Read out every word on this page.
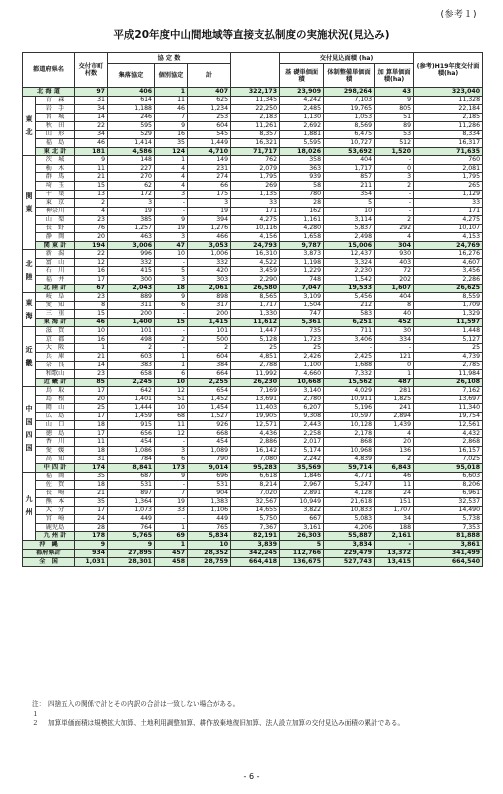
(参考１)
平成20年度中山間地域等直接支払制度の実施状況(見込み)
都道府県名		交付市町村数	協 定 数				交付見込面積 (ha)			(参考)H19年度交付面積(ha)
			集落協定	個別協定	計		基 礎単価面積	体制整備単価面積	加 算単価面積(ha)	
北 海 道		97	406	1	407	322,173	23,909	298,264	43	323,040

東
北	青　森	31	614	11	625	11,345	4,242	7,103	9	11,328
	岩　手	34	1,188	46	1,234	22,250	2,485	19,765	805	22,184
	宮　城	14	246	7	253	2,183	1,130	1,053	51	2,185
	秋　田	22	595	9	604	11,261	2,692	8,569	89	11,286
	山　形	34	529	16	545	8,357	1,881	6,475	53	8,334
	福　島	46	1,414	35	1,449	16,321	5,595	10,727	512	16,317
	東 北 計	181	4,586	124	4,710	71,717	18,026	53,692	1,520	71,635

関
東	茨　城	9	148	1	149	762	358	404	-	760
	栃　木	11	227	4	231	2,079	363	1,717	0	2,081
	群　馬	21	270	4	274	1,795	939	857	3	1,795
	埼　玉	15	62	4	66	269	58	211	2	265
	千　葉	13	172	3	175	1,135	780	354	-	1,129
	東　京	2	3	-	3	33	28	5	-	33
	神奈川	4	19	-	19	171	162	10	-	171
	山　梨	23	385	9	394	4,275	1,161	3,114	2	4,275
	長　野	76	1,257	19	1,276	10,116	4,280	5,837	292	10,107
	静　岡	20	463	3	466	4,156	1,658	2,498	4	4,153
	関 東 計	194	3,006	47	3,053	24,793	9,787	15,006	304	24,769

北
陸	新　潟	22	996	10	1,006	16,310	3,873	12,437	930	16,276
	富　山	12	332	-	332	4,522	1,198	3,324	403	4,607
	石　川	16	415	5	420	3,459	1,229	2,230	72	3,456
	福　井	17	300	3	303	2,290	748	1,542	202	2,286
	北 陸 計	67	2,043	18	2,061	26,580	7,047	19,533	1,607	26,625

東
海	岐　阜	23	889	9	898	8,565	3,109	5,456	404	8,559
	愛　知	8	311	6	317	1,717	1,504	212	8	1,709
	三　重	15	200	-	200	1,330	747	583	40	1,329
	東 海 計	46	1,400	15	1,415	11,612	5,361	6,251	452	11,597

近
畿	滋　賀	10	101	-	101	1,447	735	711	30	1,448
	京　都	16	498	2	500	5,128	1,723	3,406	334	5,127
	大　阪	1	2	-	2	25	25	-	-	25
	兵　庫	21	603	1	604	4,851	2,426	2,425	121	4,739
	奈　良	14	383	1	384	2,788	1,100	1,688	0	2,785
	和歌山	23	658	6	664	11,992	4,660	7,332	1	11,984
	近 畿 計	85	2,245	10	2,255	26,230	10,668	15,562	487	26,108

中
国
四
国	鳥　取	17	642	12	654	7,169	3,140	4,029	281	7,162
	島　根	20	1,401	51	1,452	13,691	2,780	10,911	1,825	13,697
	岡　山	25	1,444	10	1,454	11,403	6,207	5,196	241	11,340
	広　島	17	1,459	68	1,527	19,905	9,308	10,597	2,894	19,754
	山　口	18	915	11	926	12,571	2,443	10,128	1,439	12,561
	徳　島	17	656	12	668	4,436	2,258	2,178	4	4,432
	香　川	11	454	-	454	2,886	2,017	868	20	2,868
	愛　媛	18	1,086	3	1,089	16,142	5,174	10,968	136	16,157
	高　知	31	784	6	790	7,080	2,242	4,839	2	7,025
	中 四 計	174	8,841	173	9,014	95,283	35,569	59,714	6,843	95,018

九
州	福　岡	35	687	9	696	6,618	1,846	4,771	46	6,603
	佐　賀	18	531	-	531	8,214	2,967	5,247	11	8,206
	長　崎	21	897	7	904	7,020	2,891	4,128	24	6,961
	熊　本	35	1,364	19	1,383	32,567	10,949	21,618	151	32,537
	大　分	17	1,073	33	1,106	14,655	3,822	10,833	1,707	14,490
	宮　崎	24	449	-	449	5,750	667	5,083	34	5,738
	鹿児島	28	764	1	765	7,367	3,161	4,206	188	7,353
	九 州 計	178	5,765	69	5,834	82,191	26,303	55,887	2,161	81,888
沖　縄		9	9	1	10	3,839	5	3,834	-	3,861
都府県計		934	27,895	457	28,352	342,245	112,766	229,479	13,372	341,499
全　国		1,031	28,301	458	28,759	664,418	136,675	527,743	13,415	664,540
注：１
四捨五入の関係で計とその内訳の合計は一致しない場合がある。
２	加算単価面積は規模拡大加算、土地利用調整加算、耕作放棄地復旧加算、法人設立加算の交付見込み面積の累計である。
- 6 -
